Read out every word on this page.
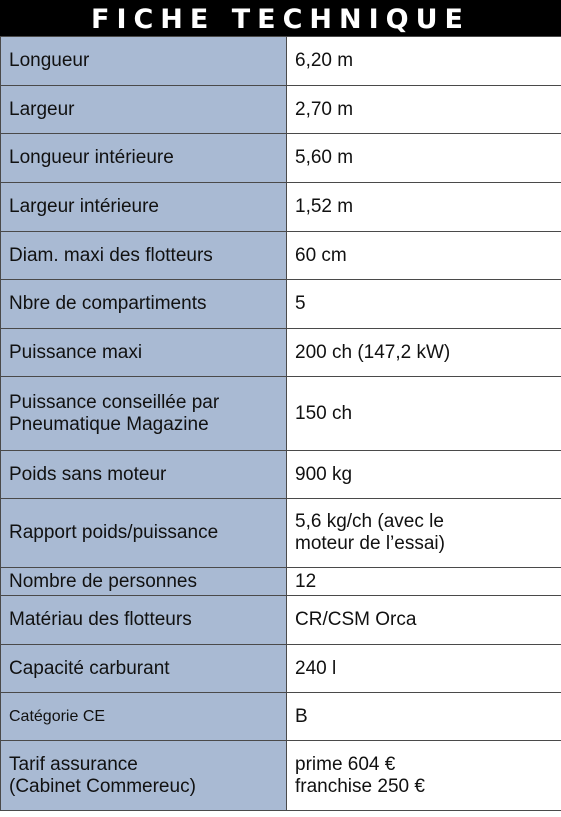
FICHE TECHNIQUE
Longueur	6,20 m
Largeur	2,70 m
Longueur intérieure	5,60 m
Largeur intérieure	1,52 m
Diam. maxi des flotteurs	60 cm
Nbre de compartiments	5
Puissance maxi	200 ch (147,2 kW)

Puissance conseillée par Pneumatique Magazine	150 ch
Poids sans moteur	900 kg
Rapport poids/puissance	5,6 kg/ch (avec le moteur de l’essai)

Nombre de personnes	12
Matériau des flotteurs	CR/CSM Orca
Capacité carburant	240 l
Catégorie CE	B

Tarif assurance (Cabinet Commereuc)	prime 604 € franchise 250 €
